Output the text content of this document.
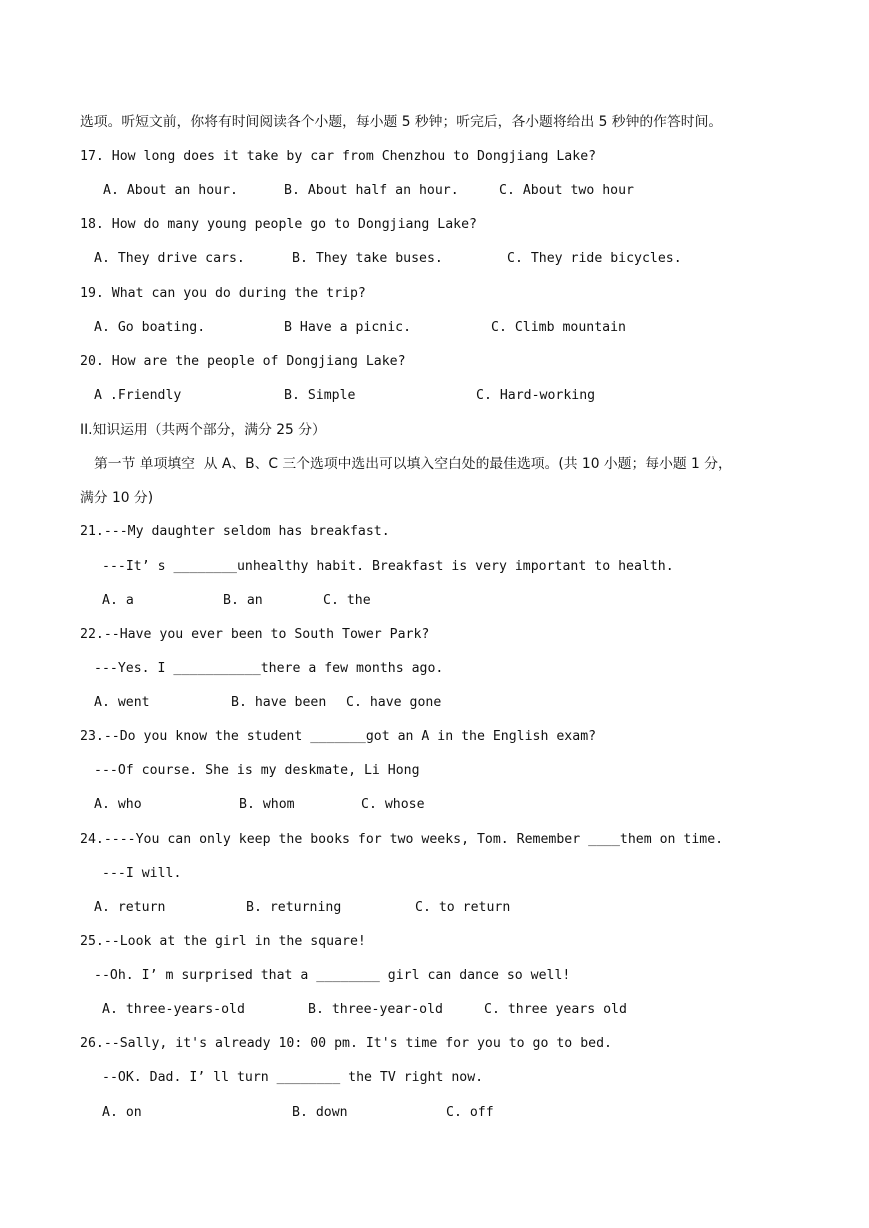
选项。听短文前，你将有时间阅读各个小题，每小题 5 秒钟；听完后，各小题将给出 5 秒钟的作答时间。
17. How long does it take by car from Chenzhou to Dongjiang Lake?
A. About an hour.	B. About half an hour.	C. About two hour
18. How do many young people go to Dongjiang Lake?
A. They drive cars.	B. They take buses.	C. They ride bicycles.
19. What can you do during the trip?
A. Go boating.	B Have a picnic.	C. Climb mountain
20. How are the people of Dongjiang Lake?
A .Friendly	B. Simple	C. Hard-working
II.知识运用（共两个部分，满分 25 分）
第一节 单项填空  从 A、B、C 三个选项中选出可以填入空白处的最佳选项。(共 10 小题；每小题 1 分，
满分 10 分)
21.---My daughter seldom has breakfast.
---It’ s ________unhealthy habit. Breakfast is very important to health.
A. a	B. an	C. the
22.--Have you ever been to South Tower Park?
---Yes. I ___________there a few months ago.
A. went	B. have been C. have gone
23.--Do you know the student _______got an A in the English exam?
---Of course. She is my deskmate, Li Hong
A. who	B. whom	C. whose
24.----You can only keep the books for two weeks, Tom. Remember ____them on time.
---I will.
A. return	B. returning	C. to return
25.--Look at the girl in the square!
--Oh. I’ m surprised that a ________ girl can dance so well!
A. three-years-old	B. three-year-old	C. three years old
26.--Sally, it's already 10: 00 pm. It's time for you to go to bed.
--OK. Dad. I’ ll turn ________ the TV right now.
A. on	B. down	C. off
